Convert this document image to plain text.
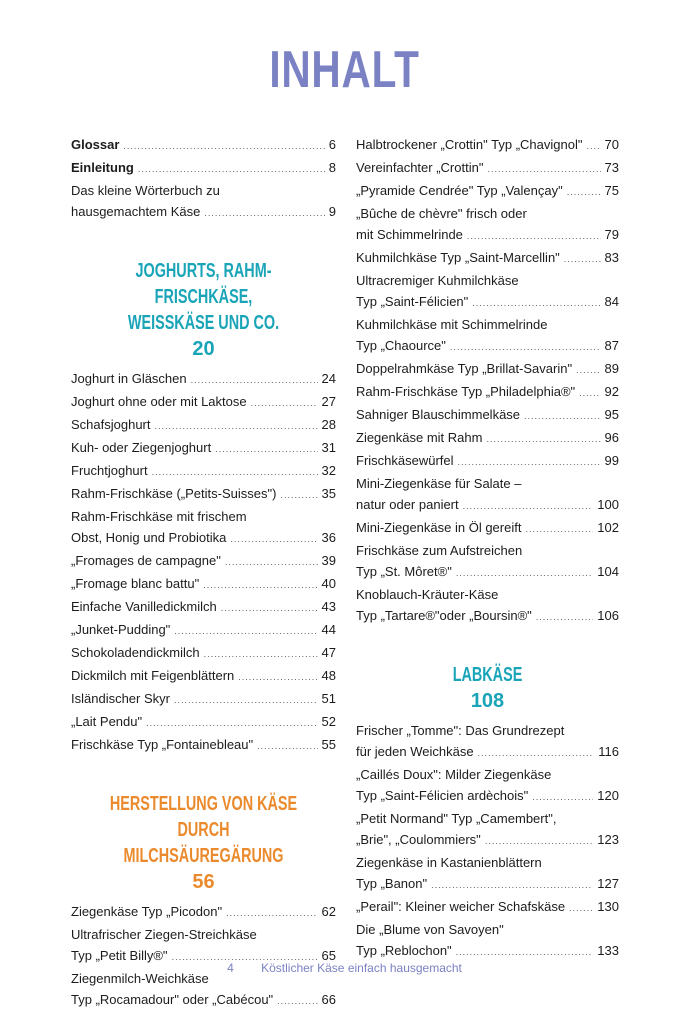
INHALT
Glossar .....	6
Einleitung .....	8
Das kleine Wörterbuch zu
hausgemachtem Käse .....	9
JOGHURTS, RAHM-FRISCHKÄSE,
WEISSKÄSE UND CO.
20
Joghurt in Gläschen .....	24
Joghurt ohne oder mit Laktose .....	27
Schafsjoghurt .....	28
Kuh- oder Ziegenjoghurt .....	31
Fruchtjoghurt .....	32
Rahm-Frischkäse („Petits-Suisses") .....	35
Rahm-Frischkäse mit frischem
Obst, Honig und Probiotika .....	36
„Fromages de campagne" .....	39
„Fromage blanc battu" .....	40
Einfache Vanilledickmilch .....	43
„Junket-Pudding" .....	44
Schokoladendickmilch .....	47
Dickmilch mit Feigenblättern .....	48
Isländischer Skyr .....	51
„Lait Pendu" .....	52
Frischkäse Typ „Fontainebleau" .....	55
HERSTELLUNG VON KÄSE
DURCH MILCHSÄUREGÄRUNG
56
Ziegenkäse Typ „Picodon" .....	62
Ultrafrischer Ziegen-Streichkäse
Typ „Petit Billy®" .....	65
Ziegenmilch-Weichkäse
Typ „Rocamadour" oder „Cabécou" .....	66
Halbtrockener „Crottin" Typ „Chavignol" ..... 70
Vereinfachter „Crottin" .....	73
„Pyramide Cendrée" Typ „Valençay" .....	75
„Bûche de chèvre" frisch oder
mit Schimmelrinde .....	79
Kuhmilchkäse Typ „Saint-Marcellin" .....	83
Ultracremiger Kuhmilchkäse
Typ „Saint-Félicien" .....	84
Kuhmilchkäse mit Schimmelrinde
Typ „Chaource" .....	87
Doppelrahmkäse Typ „Brillat-Savarin" ..... 89
Rahm-Frischkäse Typ „Philadelphia®" ..... 92
Sahniger Blauschimmelkäse .....	95
Ziegenkäse mit Rahm .....	96
Frischkäsewürfel .....	99
Mini-Ziegenkäse für Salate –
natur oder paniert .....	100
Mini-Ziegenkäse in Öl gereift .....	102
Frischkäse zum Aufstreichen
Typ „St. Môret®" .....	104
Knoblauch-Kräuter-Käse
Typ „Tartare®"oder „Boursin®" .....	106
LABKÄSE
108
Frischer „Tomme": Das Grundrezept
für jeden Weichkäse .....	116
„Caillés Doux": Milder Ziegenkäse
Typ „Saint-Félicien ardèchois" .....	120
„Petit Normand" Typ „Camembert",
„Brie", „Coulommiers" .....	123
Ziegenkäse in Kastanienblättern
Typ „Banon" .....	127
„Perail": Kleiner weicher Schafskäse ..... 130
Die „Blume von Savoyen"
Typ „Reblochon" .....	133
4 Köstlicher Käse einfach hausgemacht
